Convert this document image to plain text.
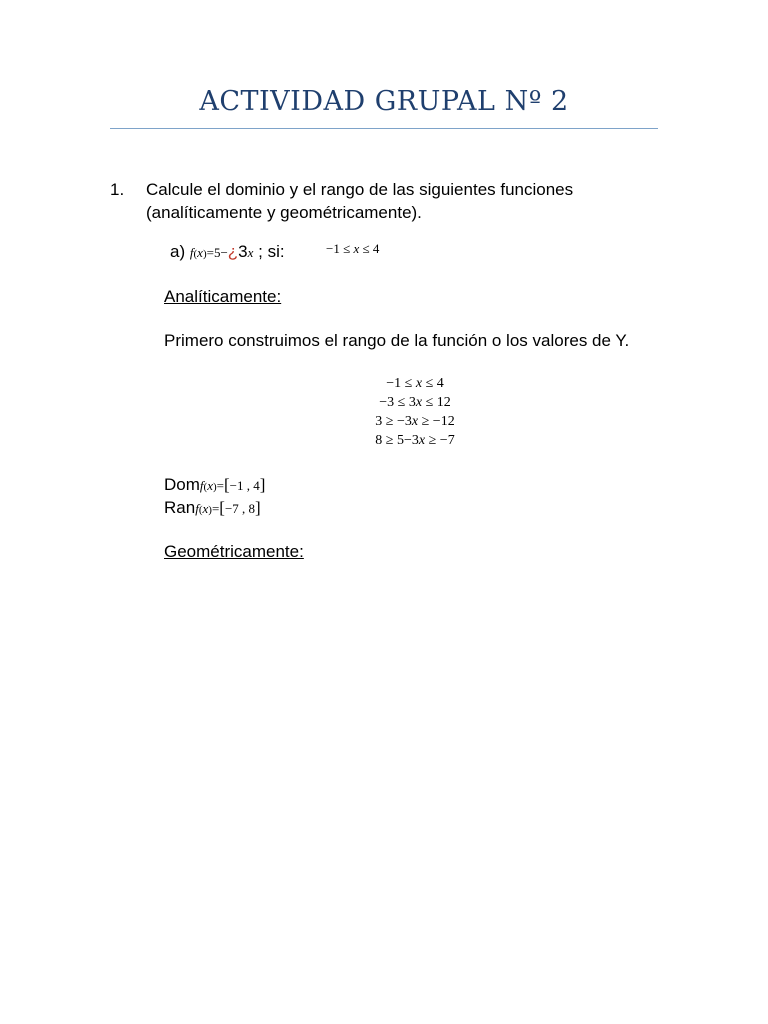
ACTIVIDAD GRUPAL Nº 2
1. Calcule el dominio y el rango de las siguientes funciones (analíticamente y geométricamente).
a) f(x)=5−¿3x ; si:	−1 ≤ x ≤ 4
Analíticamente:
Primero construimos el rango de la función o los valores de Y.
−1 ≤ x ≤ 4
−3 ≤ 3x ≤ 12
3 ≥ −3x ≥ −12
8 ≥ 5−3x ≥ −7
Domf(x)=[−1 , 4]
Ranf(x)=[−7 , 8]
Geométricamente:
